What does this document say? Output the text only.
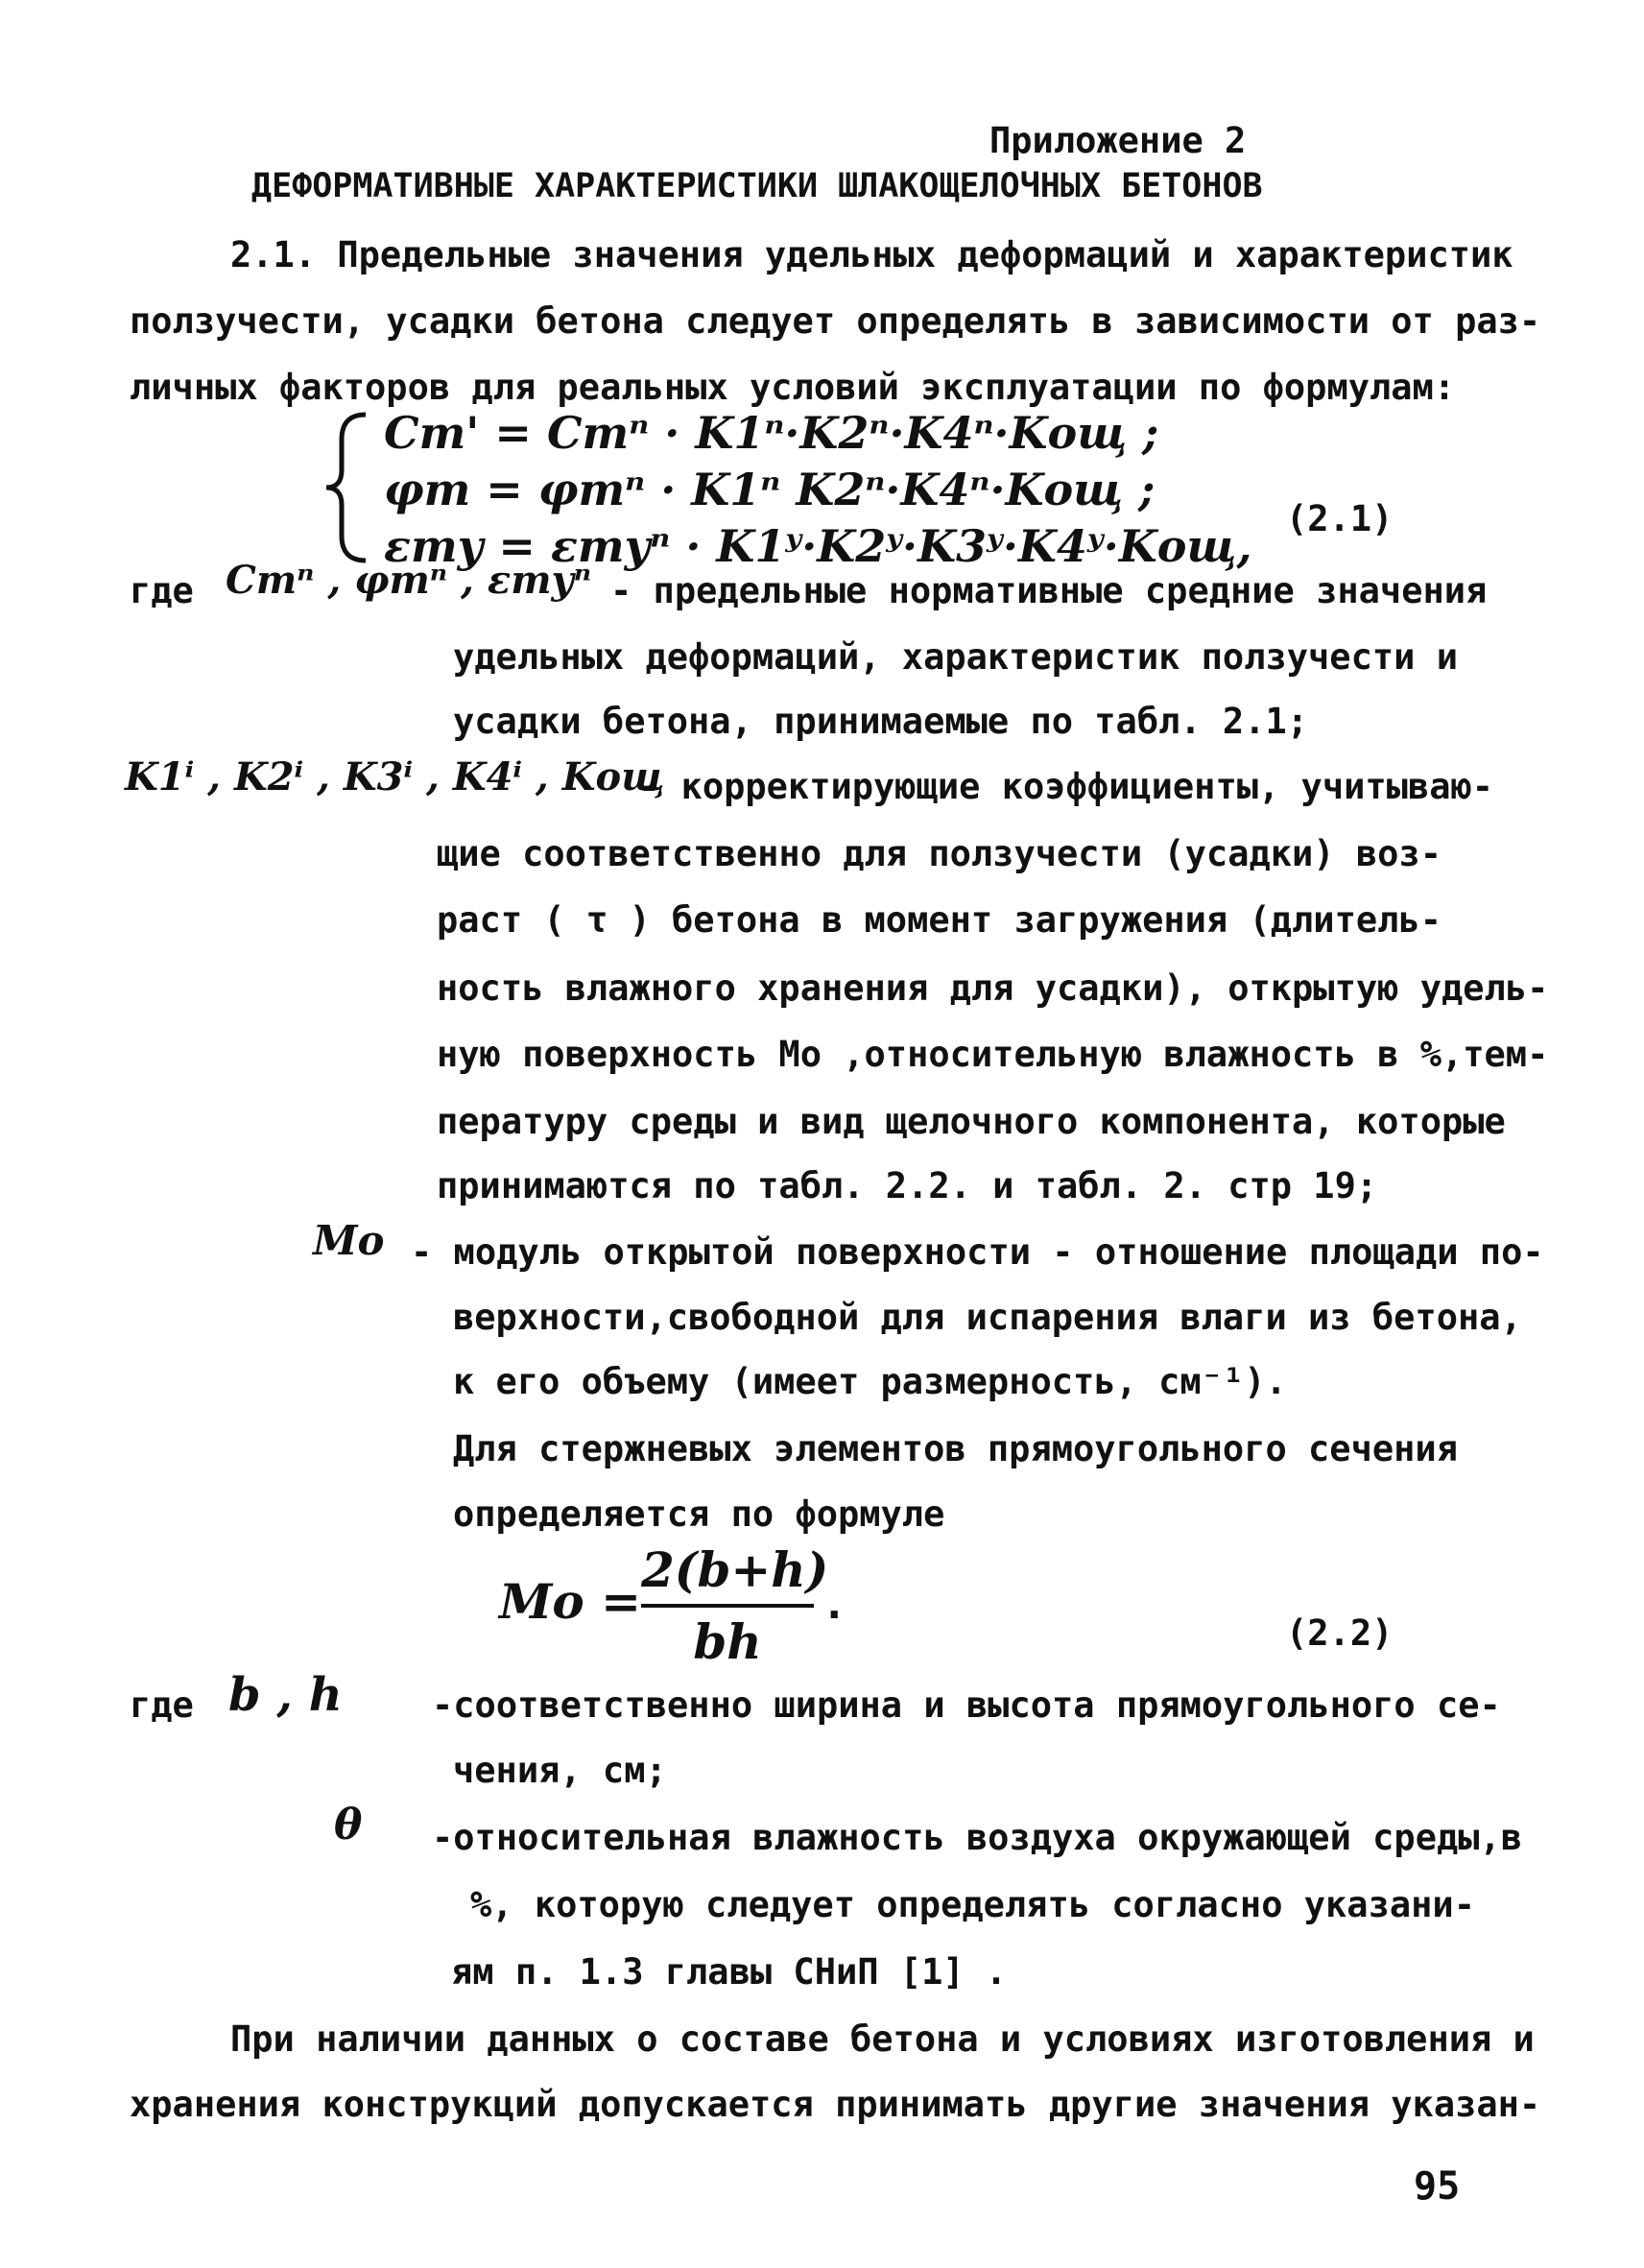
Приложение 2
ДЕФОРМАТИВНЫЕ ХАРАКТЕРИСТИКИ ШЛАКОЩЕЛОЧНЫХ БЕТОНОВ
2.1. Предельные значения удельных деформаций и характеристик
ползучести, усадки бетона следует определять в зависимости от раз-
личных факторов для реальных условий эксплуатации по формулам:
Cm' = Cmⁿ · K1ⁿ·K2ⁿ·K4ⁿ·Kощ ;
φm = φmⁿ · K1ⁿ K2ⁿ·K4ⁿ·Kощ ;
εmy = εmyⁿ · K1ʸ·K2ʸ·K3ʸ·K4ʸ·Kощ,
(2.1)
где Cmⁿ , φmⁿ , εmyⁿ - предельные нормативные средние значения
удельных деформаций, характеристик ползучести и
усадки бетона, принимаемые по табл. 2.1;
K1ⁱ , K2ⁱ , K3ⁱ , K4ⁱ , Kощ
- корректирующие коэффициенты, учитываю-
щие соответственно для ползучести (усадки) воз-
раст ( τ ) бетона в момент загружения (длитель-
ность влажного хранения для усадки), открытую удель-
ную поверхность Mo ,относительную влажность в %,тем-
пературу среды и вид щелочного компонента, которые
принимаются по табл. 2.2. и табл. 2. стр 19;
Mo - модуль открытой поверхности - отношение площади по-
верхности,свободной для испарения влаги из бетона,
к его объему (имеет размерность, см⁻¹).
Для стержневых элементов прямоугольного сечения
определяется по формуле
Mo =
2(b+h)
bh
.
(2.2)
где b , h	-соответственно ширина и высота прямоугольного се-
чения, см;
θ -относительная влажность воздуха окружающей среды,в
%, которую следует определять согласно указани-
ям п. 1.3 главы СНиП [1] .
При наличии данных о составе бетона и условиях изготовления и
хранения конструкций допускается принимать другие значения указан-
95
